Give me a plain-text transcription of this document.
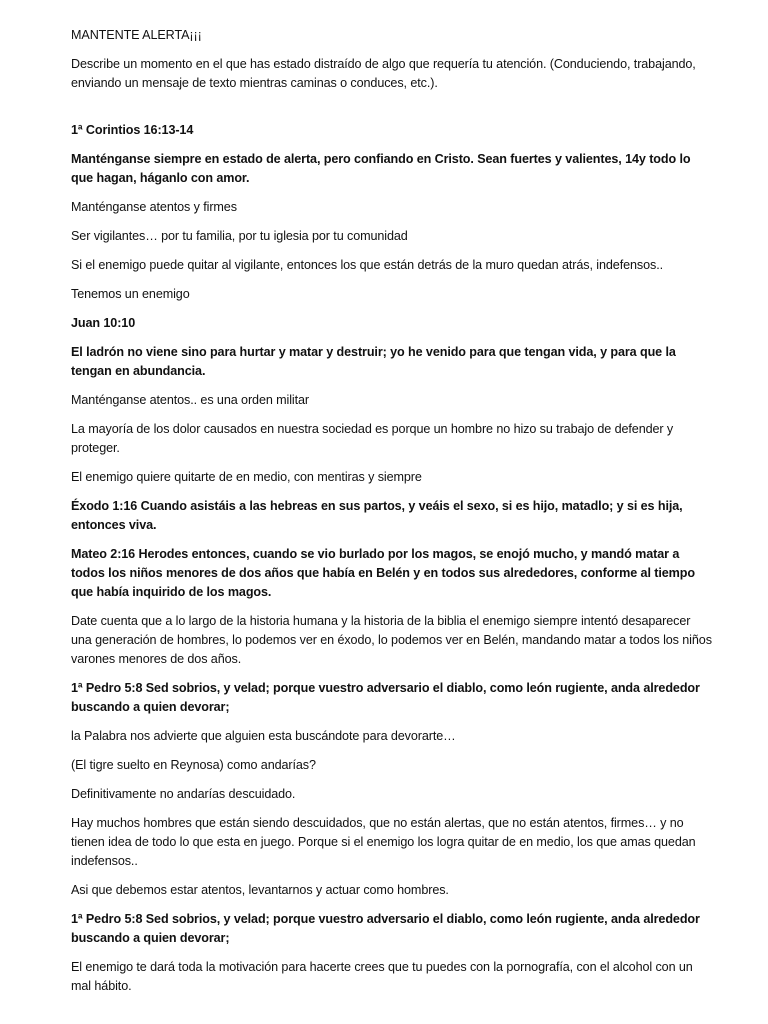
MANTENTE ALERTA¡¡¡

Describe un momento en el que has estado distraído de algo que requería tu atención. (Conduciendo, trabajando, enviando un mensaje de texto mientras caminas o conduces, etc.).

1ª Corintios 16:13-14

Manténganse siempre en estado de alerta, pero confiando en Cristo. Sean fuertes y valientes, 14y todo lo que hagan, háganlo con amor.

Manténganse atentos y firmes

Ser vigilantes… por tu familia, por tu iglesia por tu comunidad

Si el enemigo puede quitar al vigilante, entonces los que están detrás de la muro quedan atrás, indefensos..

Tenemos un enemigo

Juan 10:10

El ladrón no viene sino para hurtar y matar y destruir; yo he venido para que tengan vida, y para que la tengan en abundancia.

Manténganse atentos.. es una orden militar

La mayoría de los dolor causados en nuestra sociedad es porque un hombre no hizo su trabajo de defender y proteger.

El enemigo quiere quitarte de en medio, con mentiras y siempre

Éxodo 1:16 Cuando asistáis a las hebreas en sus partos, y veáis el sexo, si es hijo, matadlo; y si es hija, entonces viva.

Mateo 2:16 Herodes entonces, cuando se vio burlado por los magos, se enojó mucho, y mandó matar a todos los niños menores de dos años que había en Belén y en todos sus alrededores, conforme al tiempo que había inquirido de los magos.

Date cuenta que a lo largo de la historia humana y la historia de la biblia el enemigo siempre intentó desaparecer una generación de hombres, lo podemos ver en éxodo, lo podemos ver en Belén, mandando matar a todos los niños varones menores de dos años.

1ª Pedro 5:8 Sed sobrios, y velad; porque vuestro adversario el diablo, como león rugiente, anda alrededor buscando a quien devorar;

la Palabra nos advierte que alguien esta buscándote para devorarte…

(El tigre suelto en Reynosa) como andarías?

Definitivamente no andarías descuidado.

Hay muchos hombres que están siendo descuidados, que no están alertas, que no están atentos, firmes… y no tienen idea de todo lo que esta en juego. Porque si el enemigo los logra quitar de en medio, los que amas quedan indefensos..

Asi que debemos estar atentos, levantarnos y actuar como hombres.

1ª Pedro 5:8 Sed sobrios, y velad; porque vuestro adversario el diablo, como león rugiente, anda alrededor buscando a quien devorar;

El enemigo te dará toda la motivación para hacerte crees que tu puedes con la pornografía, con el alcohol con un mal hábito.
